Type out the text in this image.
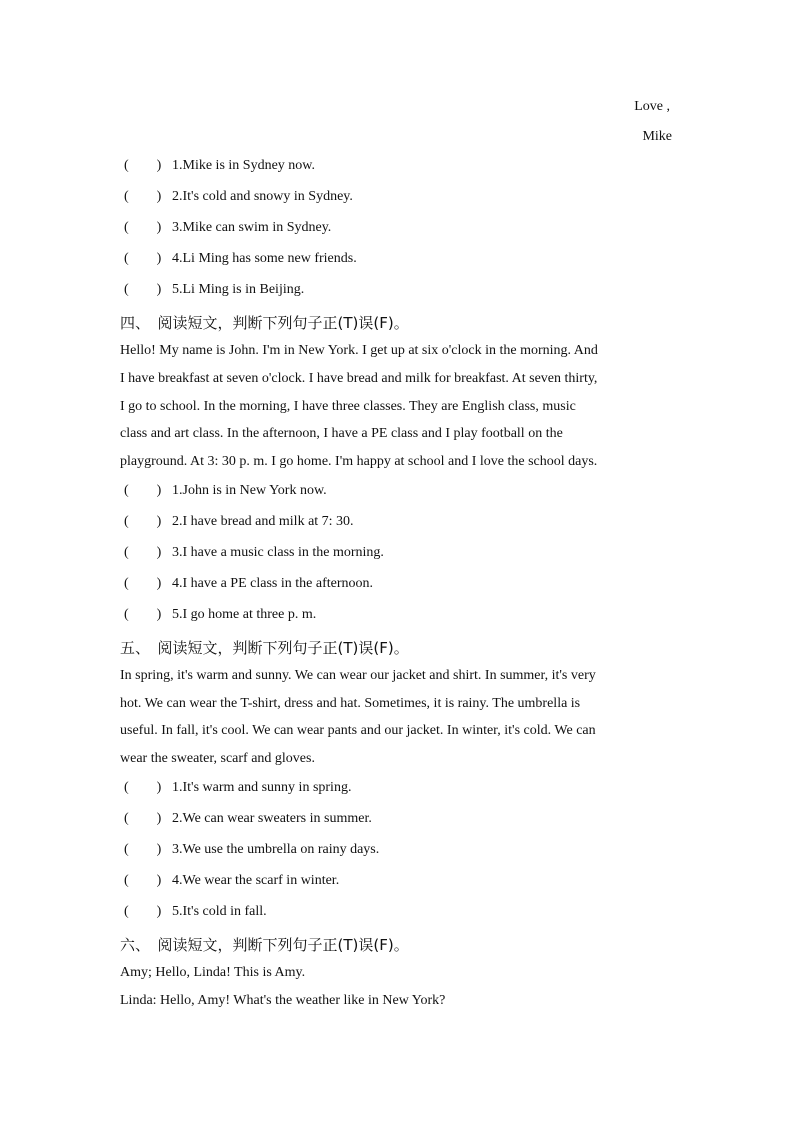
Love ,
Mike
(        ) 1.Mike is in Sydney now.
(        ) 2.It's cold and snowy in Sydney.
(        ) 3.Mike can swim in Sydney.
(        ) 4.Li Ming has some new friends.
(        ) 5.Li Ming is in Beijing.
四、 阅读短文，判断下列句子正(T)误(F)。
Hello! My name is John. I'm in New York. I get up at six o'clock in the morning. And
I have breakfast at seven o'clock. I have bread and milk for breakfast. At seven thirty,
I go to school. In the morning, I have three classes. They are English class, music
class and art class. In the afternoon, I have a PE class and I play football on the
playground. At 3: 30 p. m. I go home. I'm happy at school and I love the school days.
(        ) 1.John is in New York now.
(        ) 2.I have bread and milk at 7: 30.
(        ) 3.I have a music class in the morning.
(        ) 4.I have a PE class in the afternoon.
(        ) 5.I go home at three p. m.
五、 阅读短文，判断下列句子正(T)误(F)。
In spring, it's warm and sunny. We can wear our jacket and shirt. In summer, it's very
hot. We can wear the T-shirt, dress and hat. Sometimes, it is rainy. The umbrella is
useful. In fall, it's cool. We can wear pants and our jacket. In winter, it's cold. We can
wear the sweater, scarf and gloves.
(        ) 1.It's warm and sunny in spring.
(        ) 2.We can wear sweaters in summer.
(        ) 3.We use the umbrella on rainy days.
(        ) 4.We wear the scarf in winter.
(        ) 5.It's cold in fall.
六、 阅读短文，判断下列句子正(T)误(F)。
Amy; Hello, Linda! This is Amy.
Linda: Hello, Amy! What's the weather like in New York?
